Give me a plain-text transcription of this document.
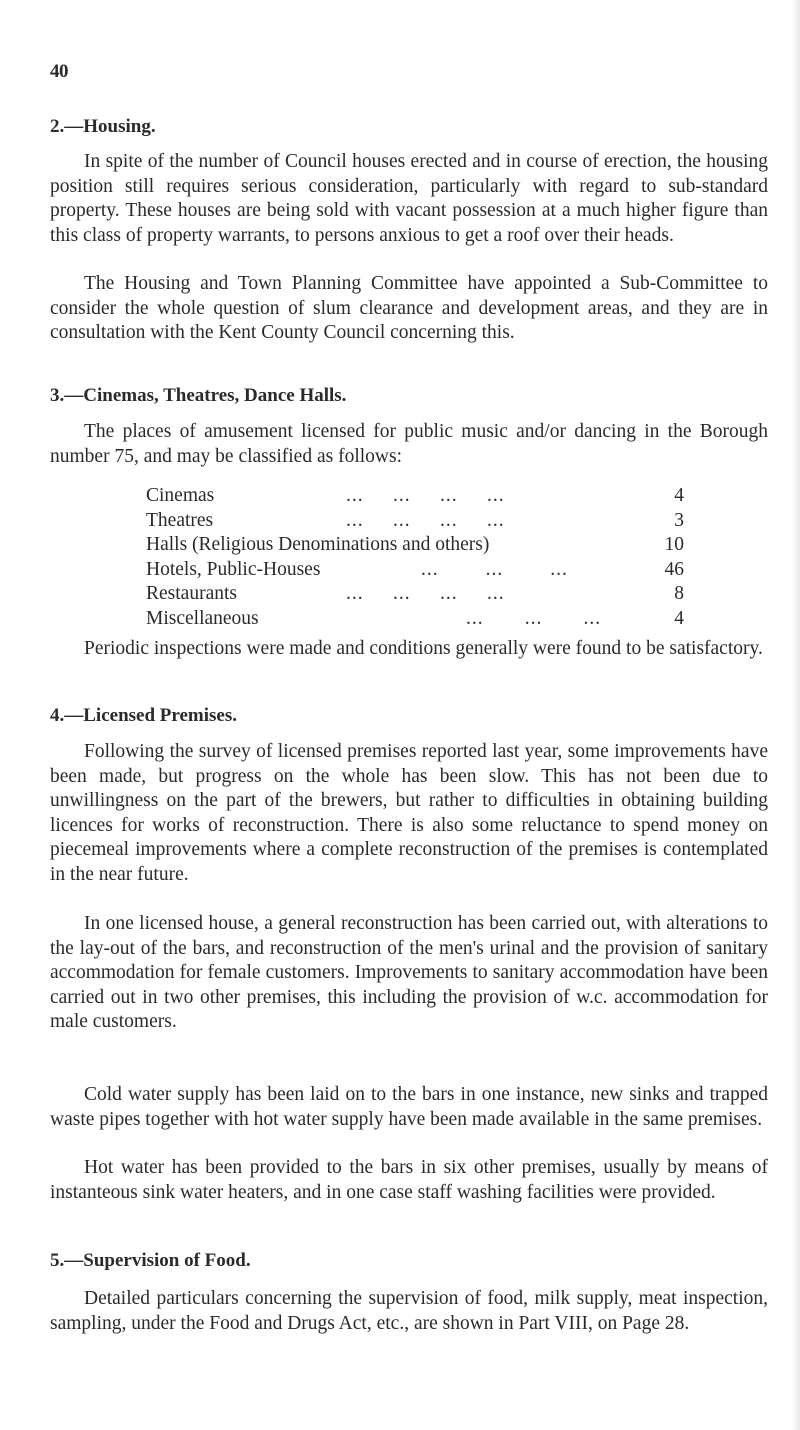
40
2.—Housing.
In spite of the number of Council houses erected and in course of erection, the housing position still requires serious consideration, particularly with regard to sub-standard property. These houses are being sold with vacant possession at a much higher figure than this class of property warrants, to persons anxious to get a roof over their heads.
The Housing and Town Planning Committee have appointed a Sub-Committee to consider the whole question of slum clearance and development areas, and they are in consultation with the Kent County Council concerning this.
3.—Cinemas, Theatres, Dance Halls.
The places of amusement licensed for public music and/or dancing in the Borough number 75, and may be classified as follows:
Cinemas	...     ...     ...     ...	4
Theatres	...     ...     ...     ...	3
Halls (Religious Denominations and others)	10
Hotels, Public-Houses	...        ...        ...	46
Restaurants	...     ...     ...     ...	8
Miscellaneous	...       ...       ...	4
Periodic inspections were made and conditions generally were found to be satisfactory.
4.—Licensed Premises.
Following the survey of licensed premises reported last year, some improvements have been made, but progress on the whole has been slow. This has not been due to unwillingness on the part of the brewers, but rather to difficulties in obtaining building licences for works of reconstruction. There is also some reluctance to spend money on piecemeal improvements where a complete reconstruction of the premises is contemplated in the near future.
In one licensed house, a general reconstruction has been carried out, with alterations to the lay-out of the bars, and reconstruction of the men's urinal and the provision of sanitary accommodation for female customers. Improvements to sanitary accommodation have been carried out in two other premises, this including the provision of w.c. accommodation for male customers.
Cold water supply has been laid on to the bars in one instance, new sinks and trapped waste pipes together with hot water supply have been made available in the same premises.
Hot water has been provided to the bars in six other premises, usually by means of instanteous sink water heaters, and in one case staff washing facilities were provided.
5.—Supervision of Food.
Detailed particulars concerning the supervision of food, milk supply, meat inspection, sampling, under the Food and Drugs Act, etc., are shown in Part VIII, on Page 28.
